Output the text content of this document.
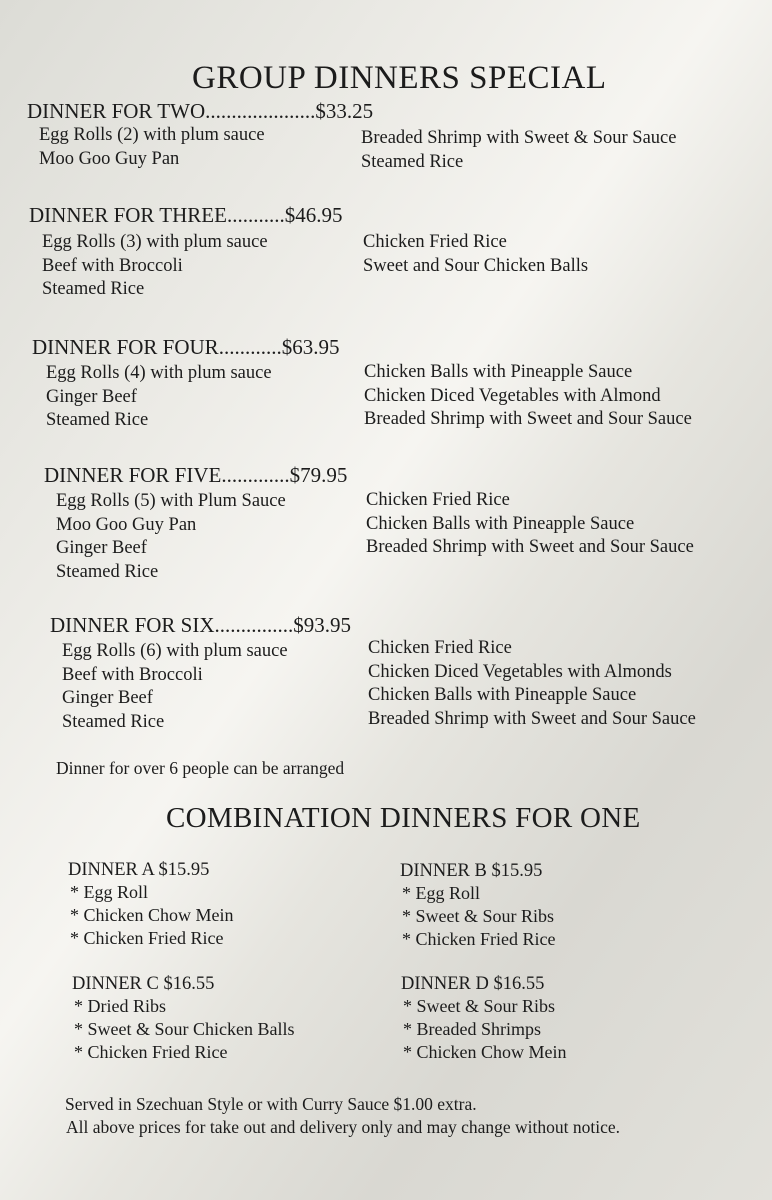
GROUP DINNERS SPECIAL
DINNER FOR TWO.....................$33.25
Egg Rolls (2) with plum sauce
Moo Goo Guy Pan
Breaded Shrimp with Sweet & Sour Sauce
Steamed Rice
DINNER FOR THREE...........$46.95
Egg Rolls (3) with plum sauce
Beef with Broccoli
Steamed Rice
Chicken Fried Rice
Sweet and Sour Chicken Balls
DINNER FOR FOUR............$63.95
Egg Rolls (4) with plum sauce
Ginger Beef
Steamed Rice
Chicken Balls with Pineapple Sauce
Chicken Diced Vegetables with Almond
Breaded Shrimp with Sweet and Sour Sauce
DINNER FOR FIVE.............$79.95
Egg Rolls (5) with Plum Sauce
Moo Goo Guy Pan
Ginger Beef
Steamed Rice
Chicken Fried Rice
Chicken Balls with Pineapple Sauce
Breaded Shrimp with Sweet and Sour Sauce
DINNER FOR SIX...............$93.95
Egg Rolls (6) with plum sauce
Beef with Broccoli
Ginger Beef
Steamed Rice
Chicken Fried Rice
Chicken Diced Vegetables with Almonds
Chicken Balls with Pineapple Sauce
Breaded Shrimp with Sweet and Sour Sauce
Dinner for over 6 people can be arranged
COMBINATION DINNERS FOR ONE
DINNER A $15.95
* Egg Roll
* Chicken Chow Mein
* Chicken Fried Rice
DINNER B $15.95
* Egg Roll
* Sweet & Sour Ribs
* Chicken Fried Rice
DINNER C $16.55
* Dried Ribs
* Sweet & Sour Chicken Balls
* Chicken Fried Rice
DINNER D $16.55
* Sweet & Sour Ribs
* Breaded Shrimps
* Chicken Chow Mein
Served in Szechuan Style or with Curry Sauce $1.00 extra.
All above prices for take out and delivery only and may change without notice.
